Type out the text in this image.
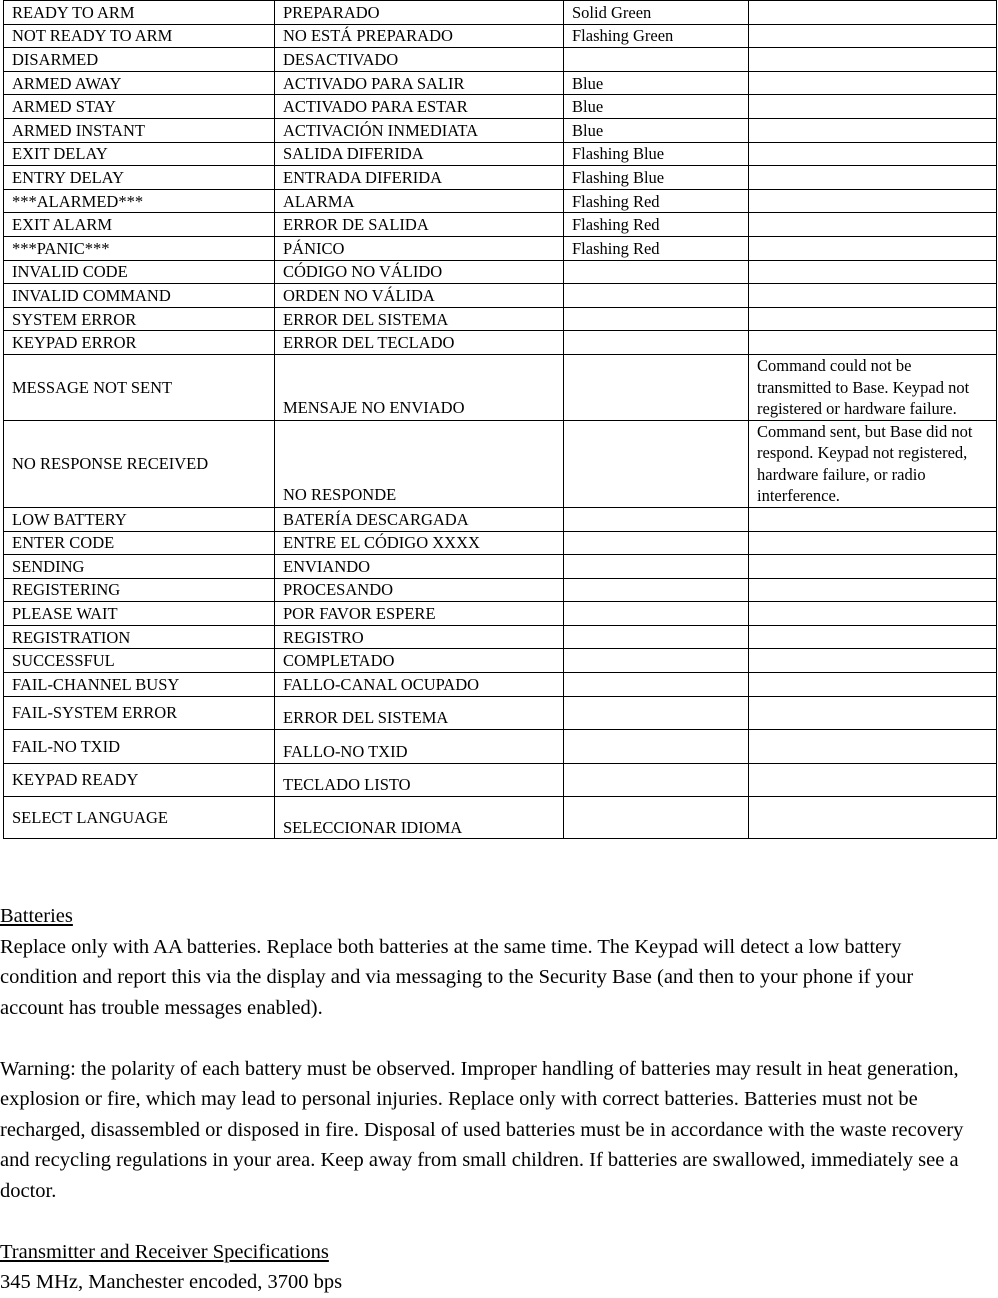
READY TO ARM	PREPARADO	Solid Green	
NOT READY TO ARM	NO ESTÁ PREPARADO	Flashing Green	
DISARMED	DESACTIVADO		
ARMED AWAY	ACTIVADO PARA SALIR	Blue	
ARMED STAY	ACTIVADO PARA ESTAR	Blue	
ARMED INSTANT	ACTIVACIÓN INMEDIATA	Blue	
EXIT DELAY	SALIDA DIFERIDA	Flashing Blue	
ENTRY DELAY	ENTRADA DIFERIDA	Flashing Blue	
***ALARMED***	ALARMA	Flashing Red	
EXIT ALARM	ERROR DE SALIDA	Flashing Red	
***PANIC***	PÁNICO	Flashing Red	
INVALID CODE	CÓDIGO NO VÁLIDO		
INVALID COMMAND	ORDEN NO VÁLIDA		
SYSTEM ERROR	ERROR DEL SISTEMA		
KEYPAD ERROR	ERROR DEL TECLADO		
MESSAGE NOT SENT	MENSAJE NO ENVIADO		Command could not be transmitted to Base. Keypad not registered or hardware failure.
NO RESPONSE RECEIVED	NO RESPONDE		Command sent, but Base did not respond. Keypad not registered, hardware failure, or radio interference.
LOW BATTERY	BATERÍA DESCARGADA		
ENTER CODE	ENTRE EL CÓDIGO XXXX		
SENDING	ENVIANDO		
REGISTERING	PROCESANDO		
PLEASE WAIT	POR FAVOR ESPERE		
REGISTRATION	REGISTRO		
SUCCESSFUL	COMPLETADO		
FAIL-CHANNEL BUSY	FALLO-CANAL OCUPADO		
FAIL-SYSTEM ERROR	ERROR DEL SISTEMA		
FAIL-NO TXID	FALLO-NO TXID		
KEYPAD READY	TECLADO LISTO		
SELECT LANGUAGE	SELECCIONAR IDIOMA		

Batteries

Replace only with AA batteries. Replace both batteries at the same time. The Keypad will detect a low battery condition and report this via the display and via messaging to the Security Base (and then to your phone if your account has trouble messages enabled).

Warning: the polarity of each battery must be observed. Improper handling of batteries may result in heat generation, explosion or fire, which may lead to personal injuries. Replace only with correct batteries. Batteries must not be recharged, disassembled or disposed in fire. Disposal of used batteries must be in accordance with the waste recovery and recycling regulations in your area. Keep away from small children. If batteries are swallowed, immediately see a doctor.

Transmitter and Receiver Specifications

345 MHz, Manchester encoded, 3700 bps
